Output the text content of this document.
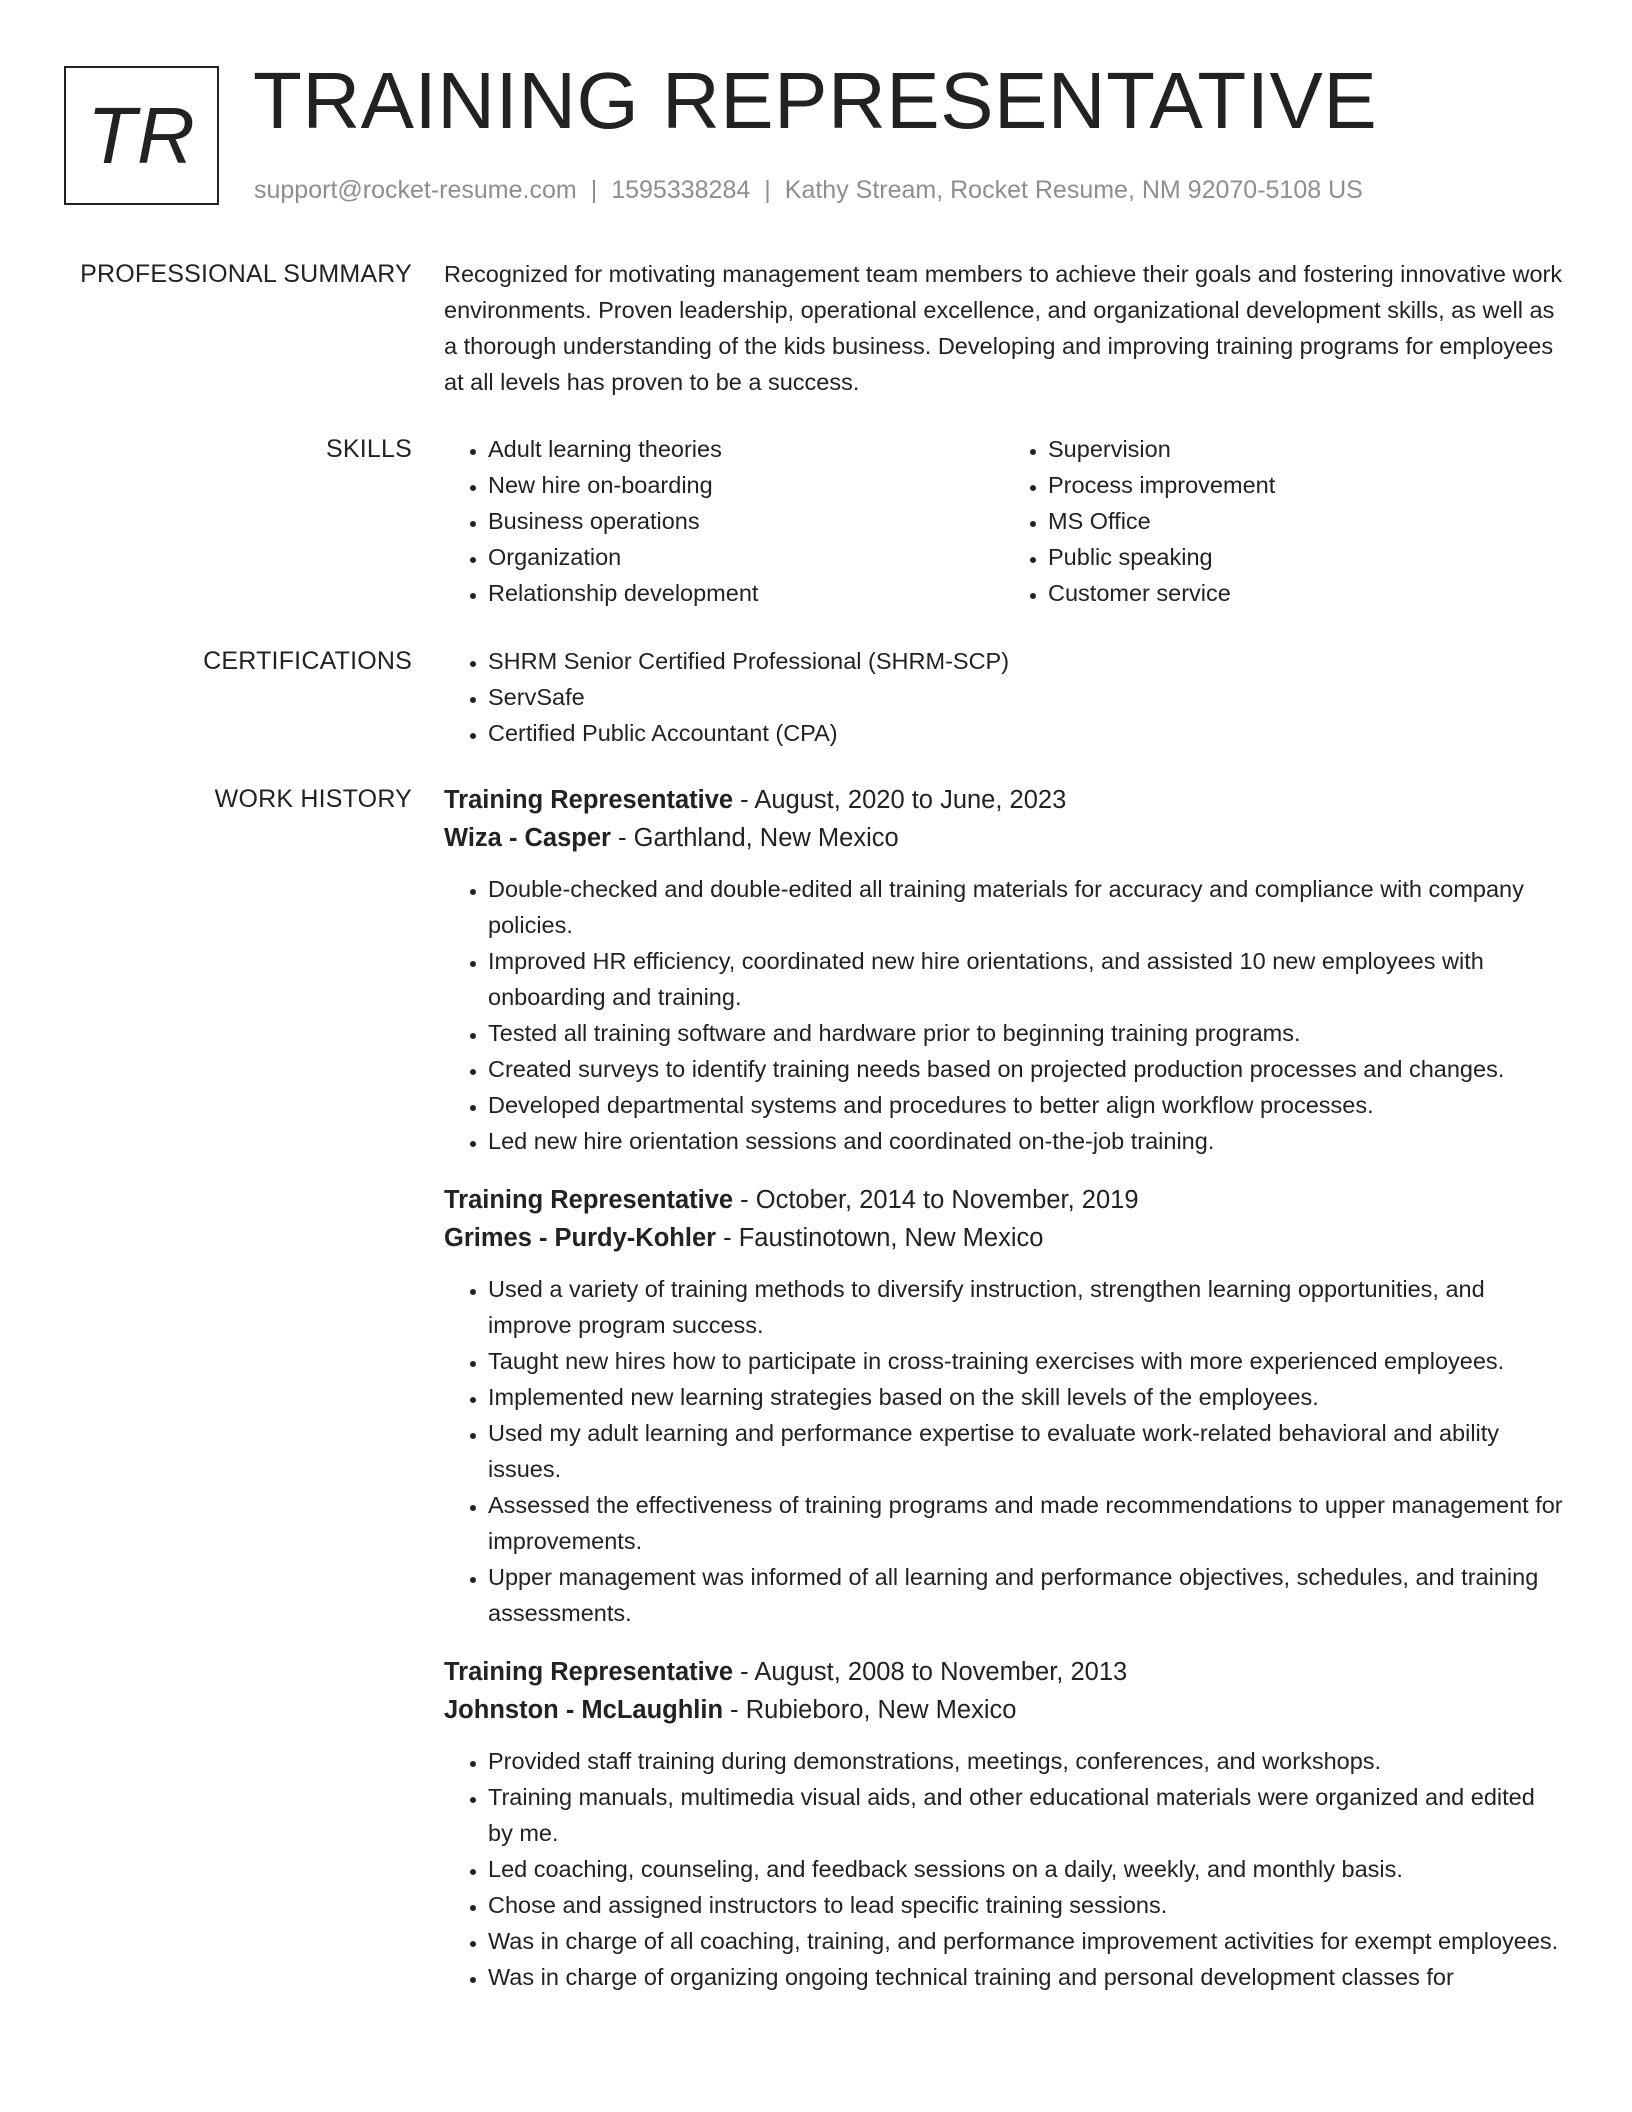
TR TRAINING REPRESENTATIVE
support@rocket-resume.com | 1595338284 | Kathy Stream, Rocket Resume, NM 92070-5108 US
PROFESSIONAL SUMMARY Recognized for motivating management team members to achieve their goals and fostering innovative work environments. Proven leadership, operational excellence, and organizational development skills, as well as a thorough understanding of the kids business. Developing and improving training programs for employees at all levels has proven to be a success.

SKILLS	• Adult learning theories
• New hire on-boarding
• Business operations
• Organization
• Relationship development
• Supervision
• Process improvement
• MS Office
• Public speaking
• Customer service
CERTIFICATIONS	• SHRM Senior Certified Professional (SHRM-SCP)
• ServSafe
• Certified Public Accountant (CPA)
WORK HISTORY Training Representative - August, 2020 to June, 2023
Wiza - Casper - Garthland, New Mexico
• Double-checked and double-edited all training materials for accuracy and compliance with company policies.
• Improved HR efficiency, coordinated new hire orientations, and assisted 10 new employees with onboarding and training.
• Tested all training software and hardware prior to beginning training programs.
• Created surveys to identify training needs based on projected production processes and changes.
• Developed departmental systems and procedures to better align workflow processes.
• Led new hire orientation sessions and coordinated on-the-job training.
Training Representative - October, 2014 to November, 2019
Grimes - Purdy-Kohler - Faustinotown, New Mexico
• Used a variety of training methods to diversify instruction, strengthen learning opportunities, and improve program success.
• Taught new hires how to participate in cross-training exercises with more experienced employees.
• Implemented new learning strategies based on the skill levels of the employees.
• Used my adult learning and performance expertise to evaluate work-related behavioral and ability issues.
• Assessed the effectiveness of training programs and made recommendations to upper management for improvements.
• Upper management was informed of all learning and performance objectives, schedules, and training assessments.
Training Representative - August, 2008 to November, 2013
Johnston - McLaughlin - Rubieboro, New Mexico
• Provided staff training during demonstrations, meetings, conferences, and workshops.
• Training manuals, multimedia visual aids, and other educational materials were organized and edited by me.
• Led coaching, counseling, and feedback sessions on a daily, weekly, and monthly basis.
• Chose and assigned instructors to lead specific training sessions.
• Was in charge of all coaching, training, and performance improvement activities for exempt employees.
• Was in charge of organizing ongoing technical training and personal development classes for
